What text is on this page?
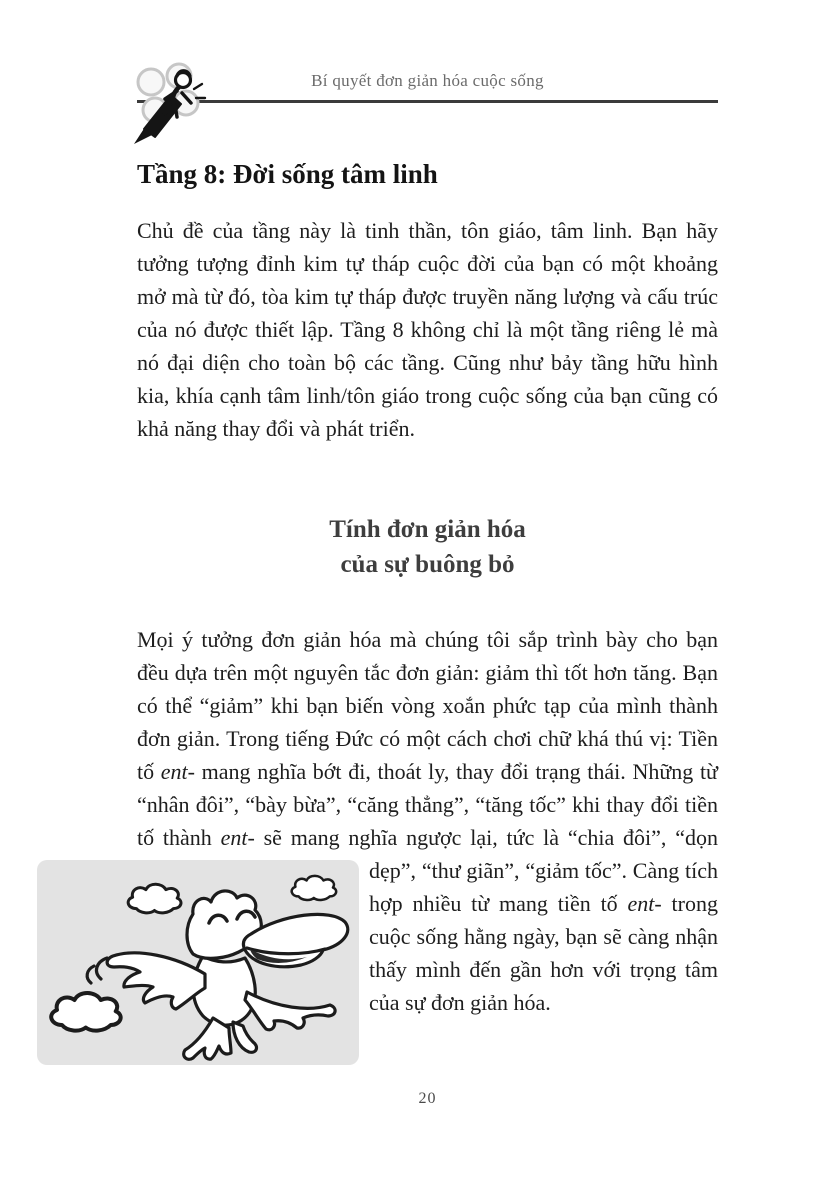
Bí quyết đơn giản hóa cuộc sống
Tầng 8: Đời sống tâm linh

Chủ đề của tầng này là tinh thần, tôn giáo, tâm linh. Bạn hãy tưởng tượng đỉnh kim tự tháp cuộc đời của bạn có một khoảng mở mà từ đó, tòa kim tự tháp được truyền năng lượng và cấu trúc của nó được thiết lập. Tầng 8 không chỉ là một tầng riêng lẻ mà nó đại diện cho toàn bộ các tầng. Cũng như bảy tầng hữu hình kia, khía cạnh tâm linh/tôn giáo trong cuộc sống của bạn cũng có khả năng thay đổi và phát triển.

Tính đơn giản hóa
của sự buông bỏ

Mọi ý tưởng đơn giản hóa mà chúng tôi sắp trình bày cho bạn đều dựa trên một nguyên tắc đơn giản: giảm thì tốt hơn tăng. Bạn có thể “giảm” khi bạn biến vòng xoắn phức tạp của mình thành đơn giản. Trong tiếng Đức có một cách chơi chữ khá thú vị: Tiền tố ent- mang nghĩa bớt đi, thoát ly, thay đổi trạng thái. Những từ “nhân đôi”, “bày bừa”, “căng thẳng”, “tăng tốc” khi thay đổi tiền tố thành ent- sẽ mang nghĩa ngược lại, tức là “chia đôi”, “dọn dẹp”, “thư giãn”, “giảm tốc”. Càng tích hợp nhiều từ mang tiền tố ent- trong cuộc sống hằng ngày, bạn sẽ càng nhận thấy mình đến gần hơn với trọng tâm của sự đơn giản hóa.

20
